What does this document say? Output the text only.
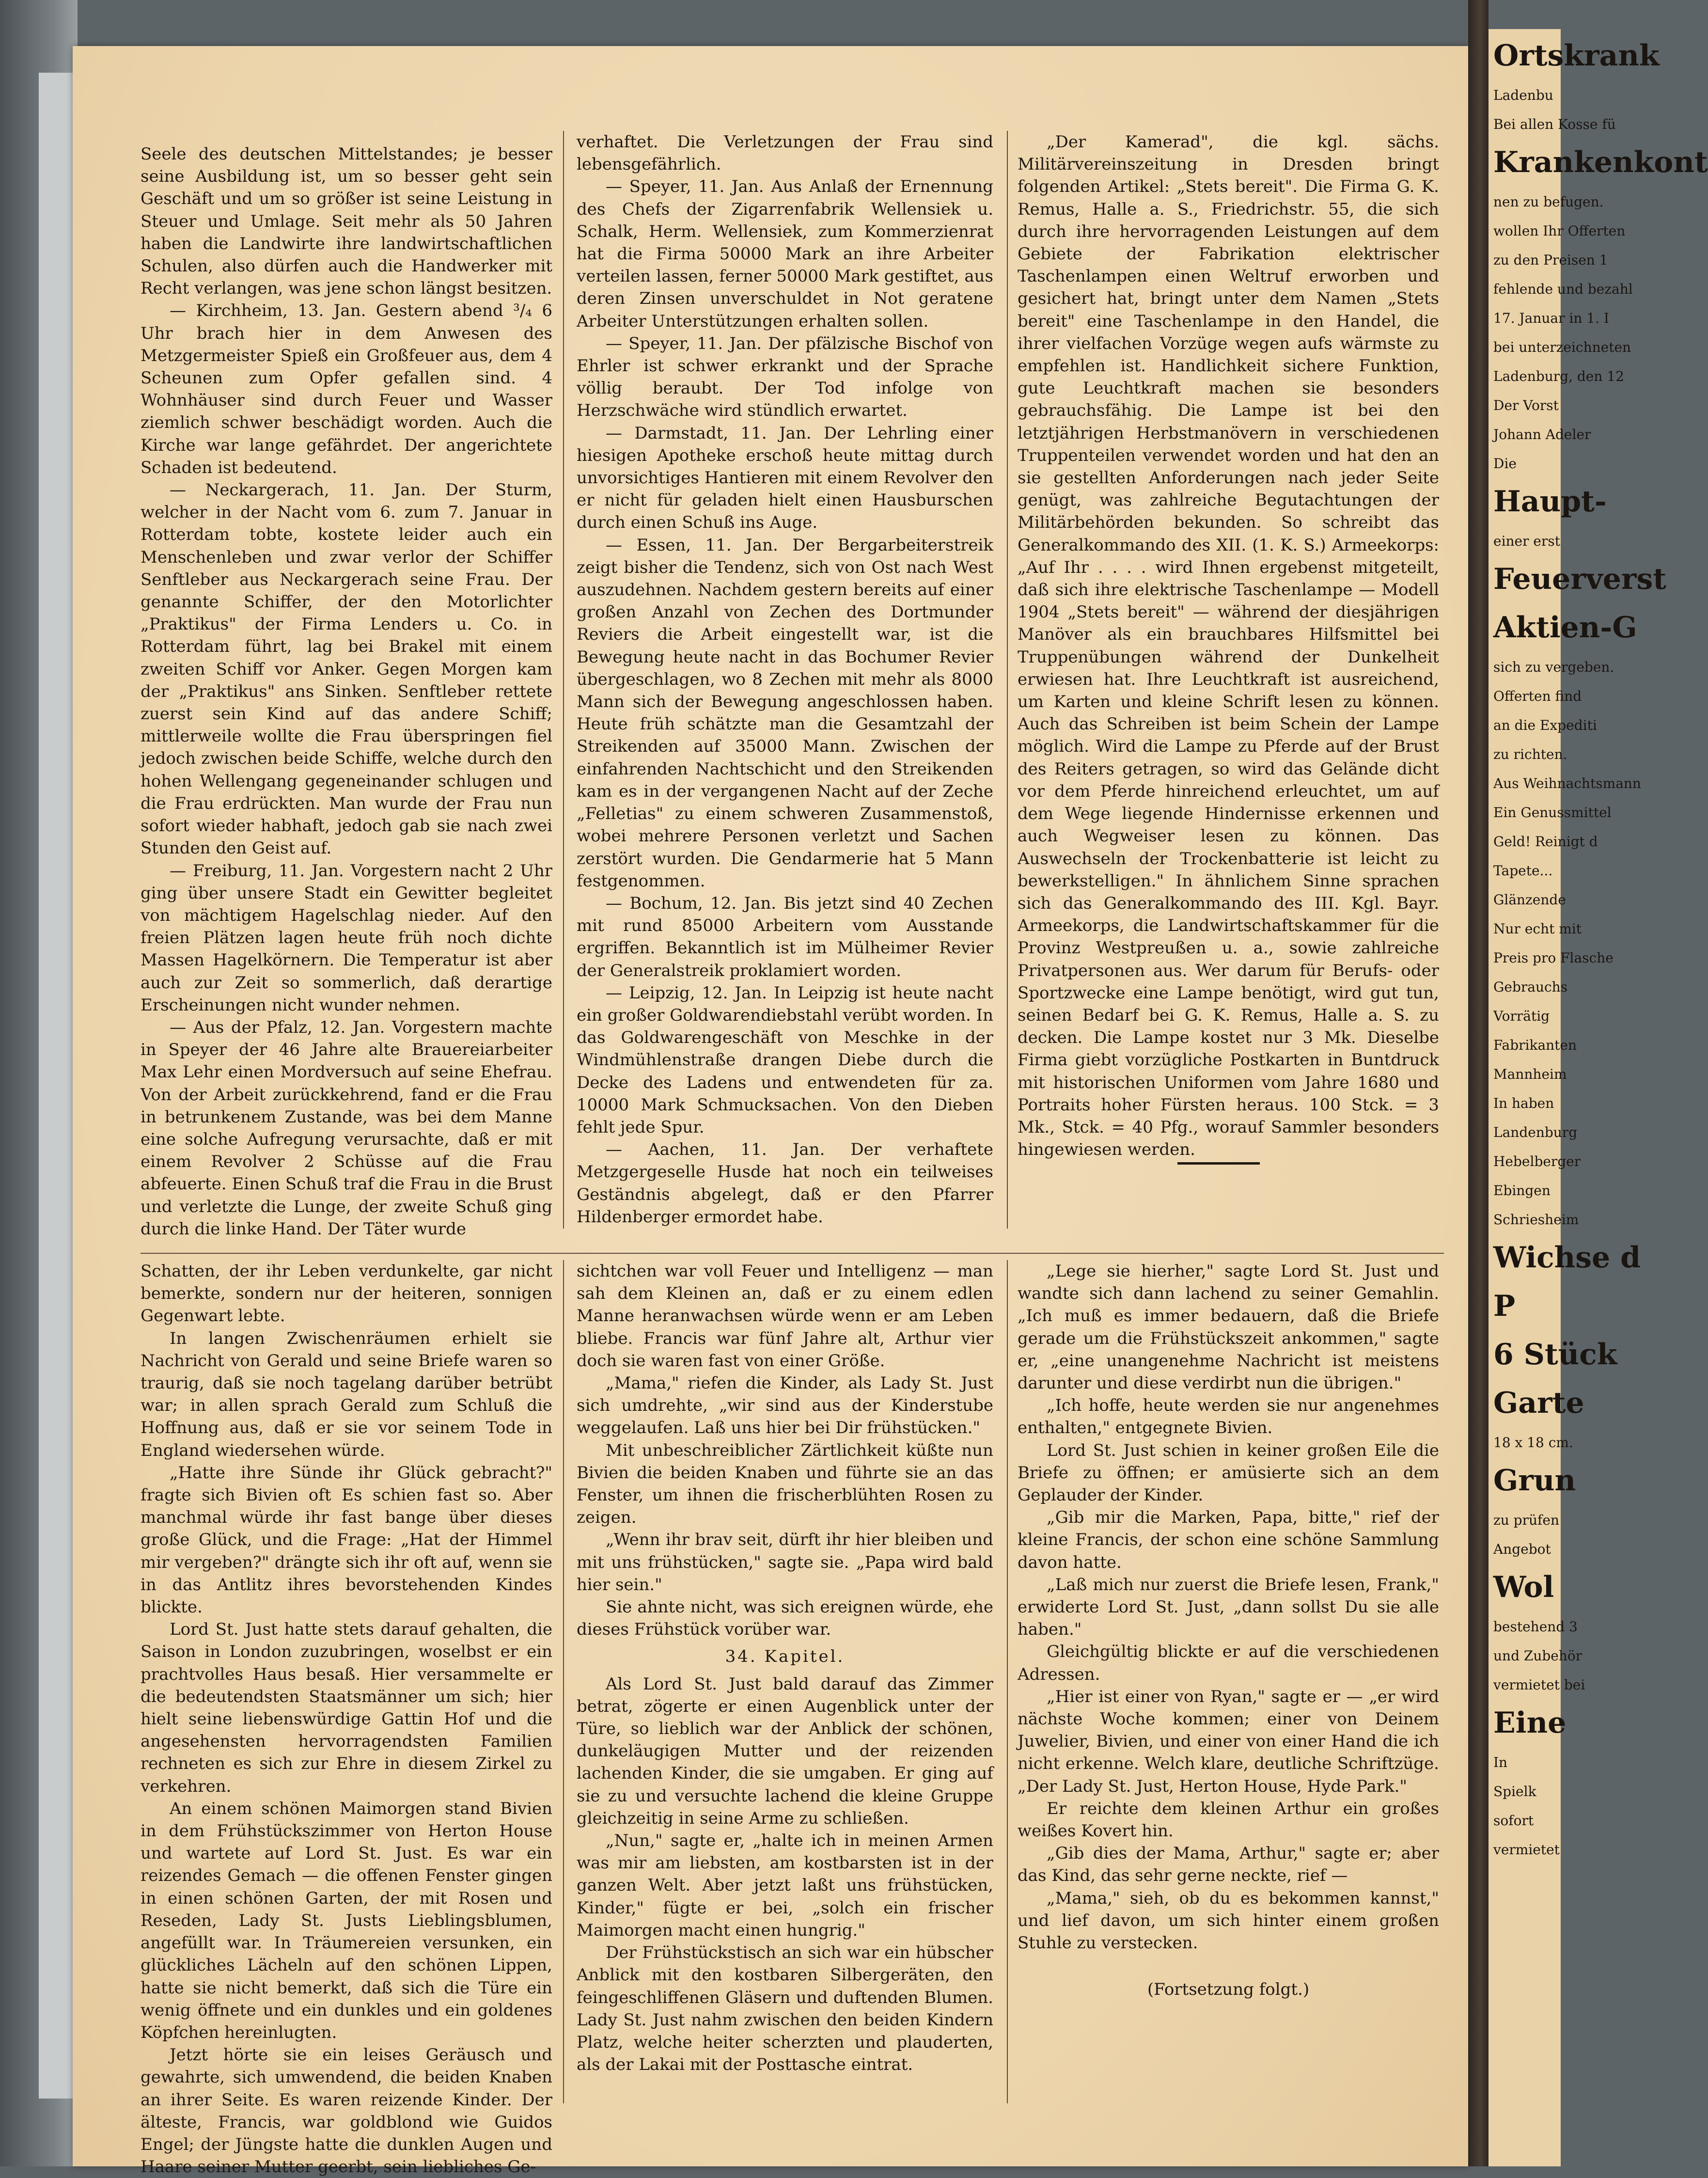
Seele des deutschen Mittelstandes; je besser seine Ausbildung ist, um so besser geht sein Geschäft und um so größer ist seine Leistung in Steuer und Umlage. Seit mehr als 50 Jahren haben die Landwirte ihre landwirtschaftlichen Schulen, also dürfen auch die Handwerker mit Recht verlangen, was jene schon längst besitzen.

— Kirchheim, 13. Jan. Gestern abend ³/₄ 6 Uhr brach hier in dem Anwesen des Metzgermeister Spieß ein Großfeuer aus, dem 4 Scheunen zum Opfer gefallen sind. 4 Wohnhäuser sind durch Feuer und Wasser ziemlich schwer beschädigt worden. Auch die Kirche war lange gefährdet. Der angerichtete Schaden ist bedeutend.

— Neckargerach, 11. Jan. Der Sturm, welcher in der Nacht vom 6. zum 7. Januar in Rotterdam tobte, kostete leider auch ein Menschenleben und zwar verlor der Schiffer Senftleber aus Neckargerach seine Frau. Der genannte Schiffer, der den Motorlichter „Praktikus" der Firma Lenders u. Co. in Rotterdam führt, lag bei Brakel mit einem zweiten Schiff vor Anker. Gegen Morgen kam der „Praktikus" ans Sinken. Senftleber rettete zuerst sein Kind auf das andere Schiff; mittlerweile wollte die Frau überspringen fiel jedoch zwischen beide Schiffe, welche durch den hohen Wellengang gegeneinander schlugen und die Frau erdrückten. Man wurde der Frau nun sofort wieder habhaft, jedoch gab sie nach zwei Stunden den Geist auf.

— Freiburg, 11. Jan. Vorgestern nacht 2 Uhr ging über unsere Stadt ein Gewitter begleitet von mächtigem Hagelschlag nieder. Auf den freien Plätzen lagen heute früh noch dichte Massen Hagelkörnern. Die Temperatur ist aber auch zur Zeit so sommerlich, daß derartige Erscheinungen nicht wunder nehmen.

— Aus der Pfalz, 12. Jan. Vorgestern machte in Speyer der 46 Jahre alte Brauereiarbeiter Max Lehr einen Mordversuch auf seine Ehefrau. Von der Arbeit zurückkehrend, fand er die Frau in betrunkenem Zustande, was bei dem Manne eine solche Aufregung verursachte, daß er mit einem Revolver 2 Schüsse auf die Frau abfeuerte. Einen Schuß traf die Frau in die Brust und verletzte die Lunge, der zweite Schuß ging durch die linke Hand. Der Täter wurde

verhaftet. Die Verletzungen der Frau sind lebensgefährlich.

— Speyer, 11. Jan. Aus Anlaß der Ernennung des Chefs der Zigarrenfabrik Wellensiek u. Schalk, Herm. Wellensiek, zum Kommerzienrat hat die Firma 50000 Mark an ihre Arbeiter verteilen lassen, ferner 50000 Mark gestiftet, aus deren Zinsen unverschuldet in Not geratene Arbeiter Unterstützungen erhalten sollen.

— Speyer, 11. Jan. Der pfälzische Bischof von Ehrler ist schwer erkrankt und der Sprache völlig beraubt. Der Tod infolge von Herzschwäche wird stündlich erwartet.

— Darmstadt, 11. Jan. Der Lehrling einer hiesigen Apotheke erschoß heute mittag durch unvorsichtiges Hantieren mit einem Revolver den er nicht für geladen hielt einen Hausburschen durch einen Schuß ins Auge.

— Essen, 11. Jan. Der Bergarbeiterstreik zeigt bisher die Tendenz, sich von Ost nach West auszudehnen. Nachdem gestern bereits auf einer großen Anzahl von Zechen des Dortmunder Reviers die Arbeit eingestellt war, ist die Bewegung heute nacht in das Bochumer Revier übergeschlagen, wo 8 Zechen mit mehr als 8000 Mann sich der Bewegung angeschlossen haben. Heute früh schätzte man die Gesamtzahl der Streikenden auf 35000 Mann. Zwischen der einfahrenden Nachtschicht und den Streikenden kam es in der vergangenen Nacht auf der Zeche „Felletias" zu einem schweren Zusammenstoß, wobei mehrere Personen verletzt und Sachen zerstört wurden. Die Gendarmerie hat 5 Mann festgenommen.

— Bochum, 12. Jan. Bis jetzt sind 40 Zechen mit rund 85000 Arbeitern vom Ausstande ergriffen. Bekanntlich ist im Mülheimer Revier der Generalstreik proklamiert worden.

— Leipzig, 12. Jan. In Leipzig ist heute nacht ein großer Goldwarendiebstahl verübt worden. In das Goldwarengeschäft von Meschke in der Windmühlenstraße drangen Diebe durch die Decke des Ladens und entwendeten für za. 10000 Mark Schmucksachen. Von den Dieben fehlt jede Spur.

— Aachen, 11. Jan. Der verhaftete Metzgergeselle Husde hat noch ein teilweises Geständnis abgelegt, daß er den Pfarrer Hildenberger ermordet habe.

„Der Kamerad", die kgl. sächs. Militärvereinszeitung in Dresden bringt folgenden Artikel: „Stets bereit". Die Firma G. K. Remus, Halle a. S., Friedrichstr. 55, die sich durch ihre hervorragenden Leistungen auf dem Gebiete der Fabrikation elektrischer Taschenlampen einen Weltruf erworben und gesichert hat, bringt unter dem Namen „Stets bereit" eine Taschenlampe in den Handel, die ihrer vielfachen Vorzüge wegen aufs wärmste zu empfehlen ist. Handlichkeit sichere Funktion, gute Leuchtkraft machen sie besonders gebrauchsfähig. Die Lampe ist bei den letztjährigen Herbstmanövern in verschiedenen Truppenteilen verwendet worden und hat den an sie gestellten Anforderungen nach jeder Seite genügt, was zahlreiche Begutachtungen der Militärbehörden bekunden. So schreibt das Generalkommando des XII. (1. K. S.) Armeekorps: „Auf Ihr . . . . wird Ihnen ergebenst mitgeteilt, daß sich ihre elektrische Taschenlampe — Modell 1904 „Stets bereit" — während der diesjährigen Manöver als ein brauchbares Hilfsmittel bei Truppenübungen während der Dunkelheit erwiesen hat. Ihre Leuchtkraft ist ausreichend, um Karten und kleine Schrift lesen zu können. Auch das Schreiben ist beim Schein der Lampe möglich. Wird die Lampe zu Pferde auf der Brust des Reiters getragen, so wird das Gelände dicht vor dem Pferde hinreichend erleuchtet, um auf dem Wege liegende Hindernisse erkennen und auch Wegweiser lesen zu können. Das Auswechseln der Trockenbatterie ist leicht zu bewerkstelligen." In ähnlichem Sinne sprachen sich das Generalkommando des III. Kgl. Bayr. Armeekorps, die Landwirtschaftskammer für die Provinz Westpreußen u. a., sowie zahlreiche Privatpersonen aus. Wer darum für Berufs- oder Sportzwecke eine Lampe benötigt, wird gut tun, seinen Bedarf bei G. K. Remus, Halle a. S. zu decken. Die Lampe kostet nur 3 Mk. Dieselbe Firma giebt vorzügliche Postkarten in Buntdruck mit historischen Uniformen vom Jahre 1680 und Portraits hoher Fürsten heraus. 100 Stck. = 3 Mk., Stck. = 40 Pfg., worauf Sammler besonders hingewiesen werden.

Schatten, der ihr Leben verdunkelte, gar nicht bemerkte, sondern nur der heiteren, sonnigen Gegenwart lebte.

In langen Zwischenräumen erhielt sie Nachricht von Gerald und seine Briefe waren so traurig, daß sie noch tagelang darüber betrübt war; in allen sprach Gerald zum Schluß die Hoffnung aus, daß er sie vor seinem Tode in England wiedersehen würde.

„Hatte ihre Sünde ihr Glück gebracht?" fragte sich Bivien oft Es schien fast so. Aber manchmal würde ihr fast bange über dieses große Glück, und die Frage: „Hat der Himmel mir vergeben?" drängte sich ihr oft auf, wenn sie in das Antlitz ihres bevorstehenden Kindes blickte.

Lord St. Just hatte stets darauf gehalten, die Saison in London zuzubringen, woselbst er ein prachtvolles Haus besaß. Hier versammelte er die bedeutendsten Staatsmänner um sich; hier hielt seine liebenswürdige Gattin Hof und die angesehensten hervorragendsten Familien rechneten es sich zur Ehre in diesem Zirkel zu verkehren.

An einem schönen Maimorgen stand Bivien in dem Frühstückszimmer von Herton House und wartete auf Lord St. Just. Es war ein reizendes Gemach — die offenen Fenster gingen in einen schönen Garten, der mit Rosen und Reseden, Lady St. Justs Lieblingsblumen, angefüllt war. In Träumereien versunken, ein glückliches Lächeln auf den schönen Lippen, hatte sie nicht bemerkt, daß sich die Türe ein wenig öffnete und ein dunkles und ein goldenes Köpfchen hereinlugten.

Jetzt hörte sie ein leises Geräusch und gewahrte, sich umwendend, die beiden Knaben an ihrer Seite. Es waren reizende Kinder. Der älteste, Francis, war goldblond wie Guidos Engel; der Jüngste hatte die dunklen Augen und Haare seiner Mutter geerbt, sein liebliches Ge-

sichtchen war voll Feuer und Intelligenz — man sah dem Kleinen an, daß er zu einem edlen Manne heranwachsen würde wenn er am Leben bliebe. Francis war fünf Jahre alt, Arthur vier doch sie waren fast von einer Größe.

„Mama," riefen die Kinder, als Lady St. Just sich umdrehte, „wir sind aus der Kinderstube weggelaufen. Laß uns hier bei Dir frühstücken."

Mit unbeschreiblicher Zärtlichkeit küßte nun Bivien die beiden Knaben und führte sie an das Fenster, um ihnen die frischerblühten Rosen zu zeigen.

„Wenn ihr brav seit, dürft ihr hier bleiben und mit uns frühstücken," sagte sie. „Papa wird bald hier sein."

Sie ahnte nicht, was sich ereignen würde, ehe dieses Frühstück vorüber war.

34. Kapitel.

Als Lord St. Just bald darauf das Zimmer betrat, zögerte er einen Augenblick unter der Türe, so lieblich war der Anblick der schönen, dunkeläugigen Mutter und der reizenden lachenden Kinder, die sie umgaben. Er ging auf sie zu und versuchte lachend die kleine Gruppe gleichzeitig in seine Arme zu schließen.

„Nun," sagte er, „halte ich in meinen Armen was mir am liebsten, am kostbarsten ist in der ganzen Welt. Aber jetzt laßt uns frühstücken, Kinder," fügte er bei, „solch ein frischer Maimorgen macht einen hungrig."

Der Frühstückstisch an sich war ein hübscher Anblick mit den kostbaren Silbergeräten, den feingeschliffenen Gläsern und duftenden Blumen. Lady St. Just nahm zwischen den beiden Kindern Platz, welche heiter scherzten und plauderten, als der Lakai mit der Posttasche eintrat.

„Lege sie hierher," sagte Lord St. Just und wandte sich dann lachend zu seiner Gemahlin. „Ich muß es immer bedauern, daß die Briefe gerade um die Frühstückszeit ankommen," sagte er, „eine unangenehme Nachricht ist meistens darunter und diese verdirbt nun die übrigen."

„Ich hoffe, heute werden sie nur angenehmes enthalten," entgegnete Bivien.

Lord St. Just schien in keiner großen Eile die Briefe zu öffnen; er amüsierte sich an dem Geplauder der Kinder.

„Gib mir die Marken, Papa, bitte," rief der kleine Francis, der schon eine schöne Sammlung davon hatte.

„Laß mich nur zuerst die Briefe lesen, Frank," erwiderte Lord St. Just, „dann sollst Du sie alle haben."

Gleichgültig blickte er auf die verschiedenen Adressen.

„Hier ist einer von Ryan," sagte er — „er wird nächste Woche kommen; einer von Deinem Juwelier, Bivien, und einer von einer Hand die ich nicht erkenne. Welch klare, deutliche Schriftzüge. „Der Lady St. Just, Herton House, Hyde Park."

Er reichte dem kleinen Arthur ein großes weißes Kovert hin.

„Gib dies der Mama, Arthur," sagte er; aber das Kind, das sehr gerne neckte, rief —

„Mama," sieh, ob du es bekommen kannst," und lief davon, um sich hinter einem großen Stuhle zu verstecken.

(Fortsetzung folgt.)

Ortskrank
Ladenbu
Bei allen Kosse fü
Krankenkont
nen zu befugen.
wollen Ihr Offerten
zu den Preisen 1
fehlende und bezahl
17. Januar in 1. I
bei unterzeichneten
Ladenburg, den 12
Der Vorst
Johann Adeler
Die
Haupt-
einer erst
Feuerverst
Aktien-G
sich zu vergeben.
Offerten find
an die Expediti
zu richten.
Aus Weihnachtsmann
Ein Genussmittel
Geld! Reinigt d
Tapete...
Glänzende
Nur echt mit
Preis pro Flasche
Gebrauchs
Vorrätig
Fabrikanten
Mannheim
In haben
Landenburg
Hebelberger
Ebingen
Schriesheim
Wichse d
P
6 Stück
Garte
18 x 18 cm.
Grun
zu prüfen
Angebot
Wol
bestehend 3
und Zubehör
vermietet bei
Eine
In
Spielk
sofort
vermietet
